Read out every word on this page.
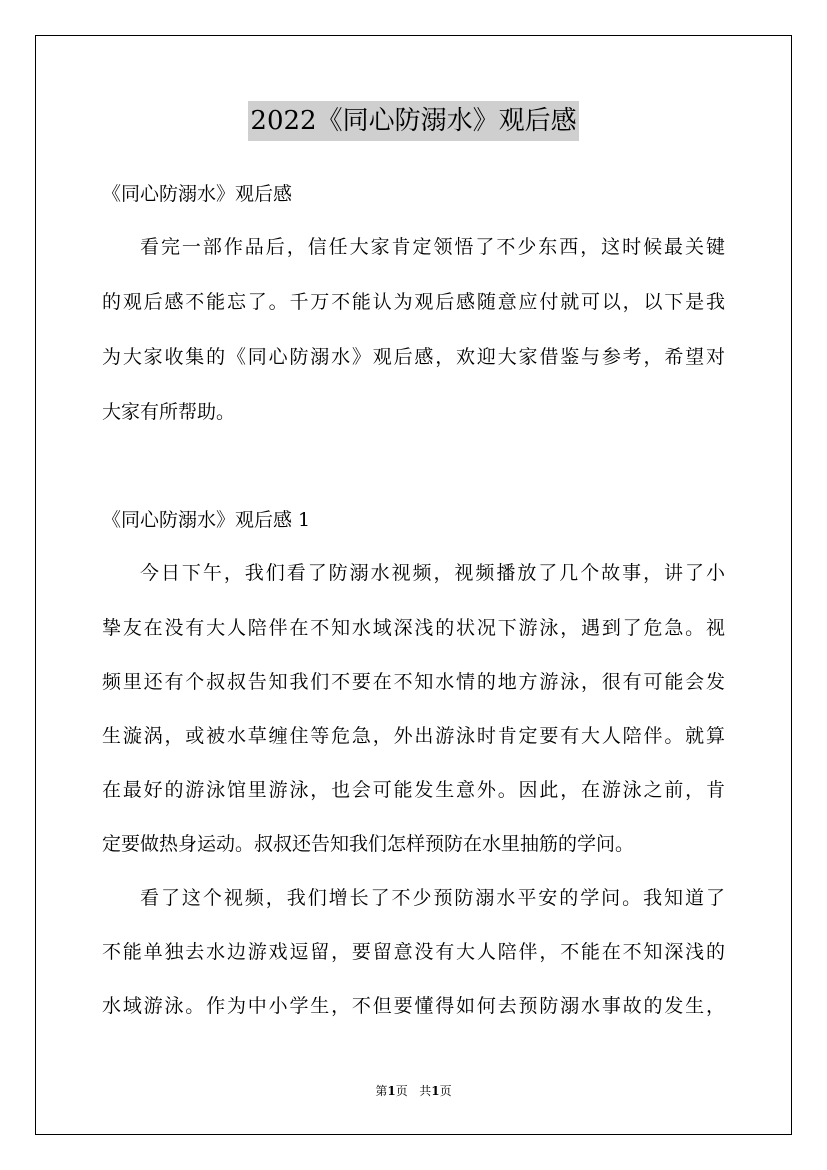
2022《同心防溺水》观后感

《同心防溺水》观后感

看完一部作品后，信任大家肯定领悟了不少东西，这时候最关键

的观后感不能忘了。千万不能认为观后感随意应付就可以，以下是我

为大家收集的《同心防溺水》观后感，欢迎大家借鉴与参考，希望对

大家有所帮助。

《同心防溺水》观后感 1

今日下午，我们看了防溺水视频，视频播放了几个故事，讲了小

挚友在没有大人陪伴在不知水域深浅的状况下游泳，遇到了危急。视

频里还有个叔叔告知我们不要在不知水情的地方游泳，很有可能会发

生漩涡，或被水草缠住等危急，外出游泳时肯定要有大人陪伴。就算

在最好的游泳馆里游泳，也会可能发生意外。因此，在游泳之前，肯

定要做热身运动。叔叔还告知我们怎样预防在水里抽筋的学问。

看了这个视频，我们增长了不少预防溺水平安的学问。我知道了

不能单独去水边游戏逗留，要留意没有大人陪伴，不能在不知深浅的

水域游泳。作为中小学生，不但要懂得如何去预防溺水事故的发生，

第1页 共1页
